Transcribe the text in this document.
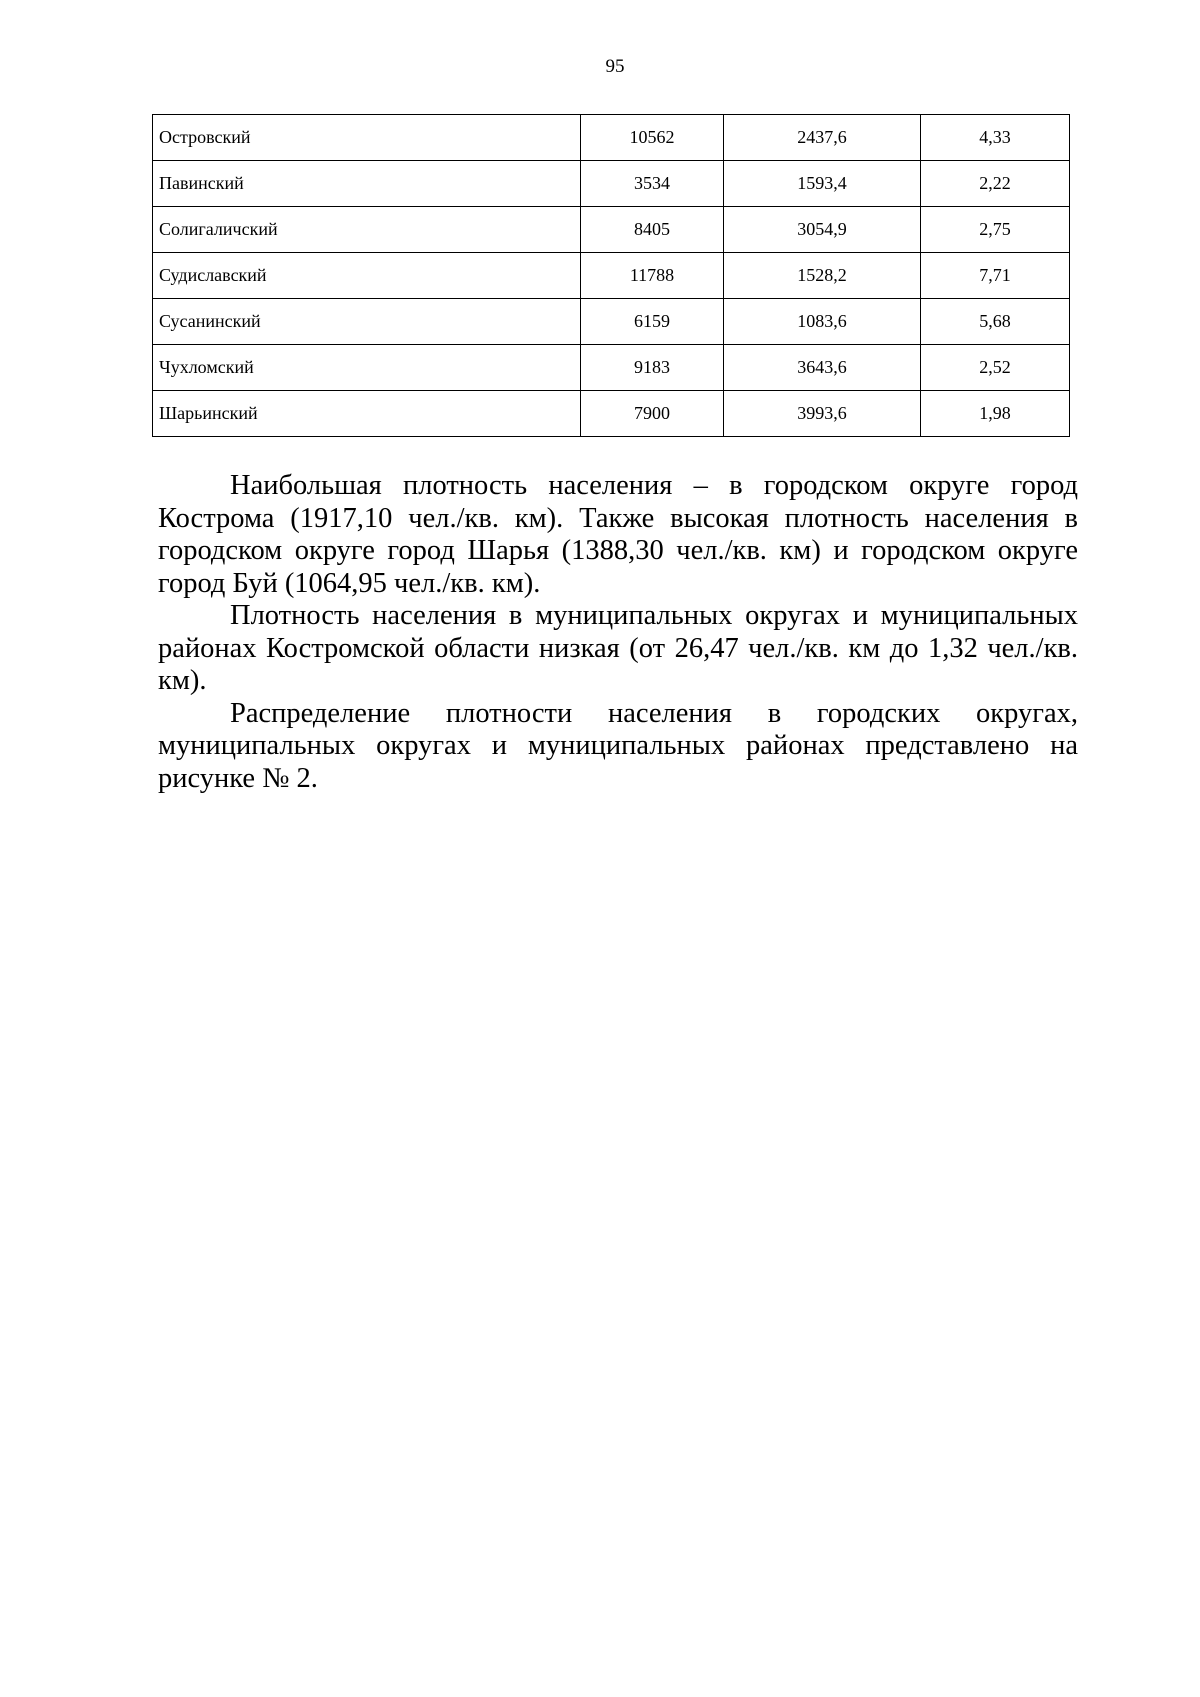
95
Островский	10562	2437,6	4,33
Павинский	3534	1593,4	2,22
Солигаличский	8405	3054,9	2,75
Судиславский	11788	1528,2	7,71
Сусанинский	6159	1083,6	5,68
Чухломский	9183	3643,6	2,52
Шарьинский	7900	3993,6	1,98

Наибольшая плотность населения – в городском округе город Кострома (1917,10 чел./кв. км). Также высокая плотность населения в городском округе город Шарья (1388,30 чел./кв. км) и городском округе город Буй (1064,95 чел./кв. км).

Плотность населения в муниципальных округах и муниципальных районах Костромской области низкая (от 26,47 чел./кв. км до 1,32 чел./кв. км).

Распределение плотности населения в городских округах, муниципальных округах и муниципальных районах представлено на рисунке № 2.
